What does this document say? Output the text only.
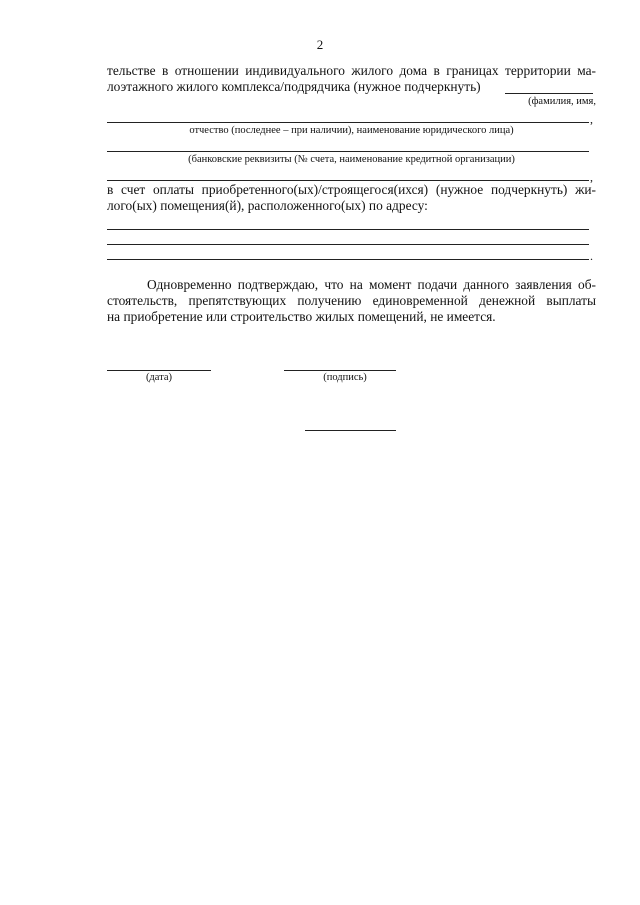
2
тельстве в отношении индивидуального жилого дома в границах территории ма-
лоэтажного жилого комплекса/подрядчика (нужное подчеркнуть)
(фамилия, имя,
,
отчество (последнее – при наличии), наименование юридического лица)
(банковские реквизиты (№ счета, наименование кредитной организации)
,
в счет оплаты приобретенного(ых)/строящегося(ихся) (нужное подчеркнуть) жи-
лого(ых) помещения(й), расположенного(ых) по адресу:
.
Одновременно подтверждаю, что на момент подачи данного заявления об-
стоятельств, препятствующих получению единовременной денежной выплаты
на приобретение или строительство жилых помещений, не имеется.
(дата)	(подпись)
